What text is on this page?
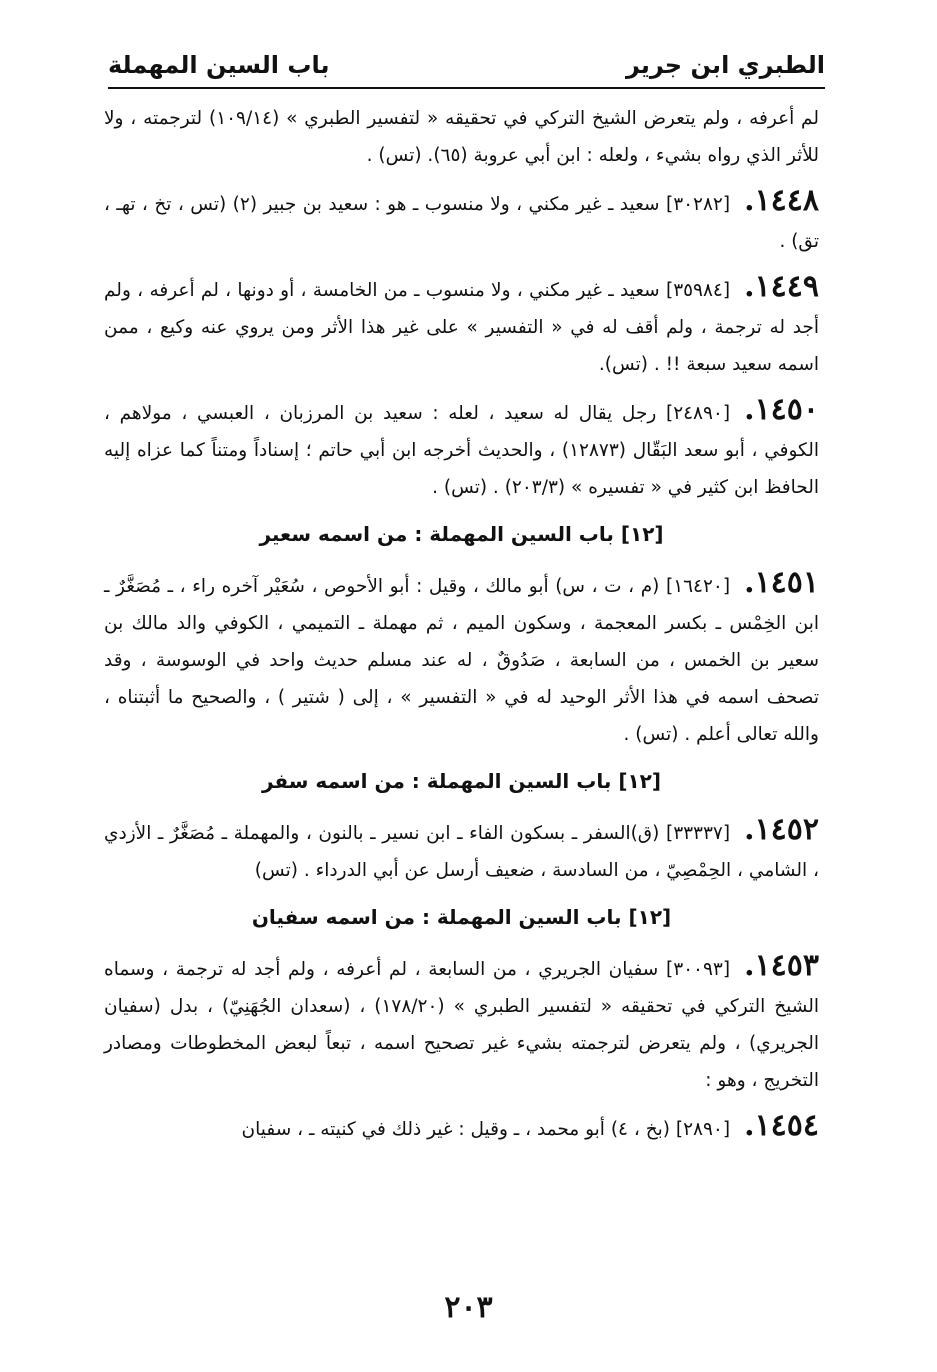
الطبري ابن جرير
باب السين المهملة

لم أعرفه ، ولم يتعرض الشيخ التركي في تحقيقه « لتفسير الطبري » (١٠٩/١٤) لترجمته ، ولا للأثر الذي رواه بشيء ، ولعله : ابن أبي عروبة (٦٥). (تس) .

١٤٤٨.[٣٠٢٨٢] سعيد ـ غير مكني ، ولا منسوب ـ هو : سعيد بن جبير (٢) (تس ، تخ ، تهـ ، تق) .

١٤٤٩.[٣٥٩٨٤] سعيد ـ غير مكني ، ولا منسوب ـ من الخامسة ، أو دونها ، لم أعرفه ، ولم أجد له ترجمة ، ولم أقف له في « التفسير » على غير هذا الأثر ومن يروي عنه وكيع ، ممن اسمه سعيد سبعة !! . (تس).

١٤٥٠.[٢٤٨٩٠] رجل يقال له سعيد ، لعله : سعيد بن المرزبان ، العبسي ، مولاهم ، الكوفي ، أبو سعد البَقّال (١٢٨٧٣) ، والحديث أخرجه ابن أبي حاتم ؛ إسناداً ومتناً كما عزاه إليه الحافظ ابن كثير في « تفسيره » (٢٠٣/٣) . (تس) .

[١٢] باب السين المهملة : من اسمه سعير

١٤٥١.[١٦٤٢٠] (م ، ت ، س) أبو مالك ، وقيل : أبو الأحوص ، سُعَيْر آخره راء ، ـ مُصَغَّرٌ ـ ابن الخِمْس ـ بكسر المعجمة ، وسكون الميم ، ثم مهملة ـ التميمي ، الكوفي والد مالك بن سعير بن الخمس ، من السابعة ، صَدُوقٌ ، له عند مسلم حديث واحد في الوسوسة ، وقد تصحف اسمه في هذا الأثر الوحيد له في « التفسير » ، إلى ( شتير ) ، والصحيح ما أثبتناه ، والله تعالى أعلم . (تس) .

[١٢] باب السين المهملة : من اسمه سفر

١٤٥٢.[٣٣٣٣٧] (ق)السفر ـ بسكون الفاء ـ ابن نسير ـ بالنون ، والمهملة ـ مُصَغَّرٌ ـ الأزدي ، الشامي ، الحِمْصِيّ ، من السادسة ، ضعيف أرسل عن أبي الدرداء . (تس)

[١٢] باب السين المهملة : من اسمه سفيان

١٤٥٣.[٣٠٠٩٣] سفيان الجريري ، من السابعة ، لم أعرفه ، ولم أجد له ترجمة ، وسماه الشيخ التركي في تحقيقه « لتفسير الطبري » (١٧٨/٢٠) ، (سعدان الجُهَنِيّ) ، بدل (سفيان الجريري) ، ولم يتعرض لترجمته بشيء غير تصحيح اسمه ، تبعاً لبعض المخطوطات ومصادر التخريج ، وهو :

١٤٥٤.[٢٨٩٠] (بخ ، ٤) أبو محمد ، ـ وقيل : غير ذلك في كنيته ـ ، سفيان

٢٠٣
